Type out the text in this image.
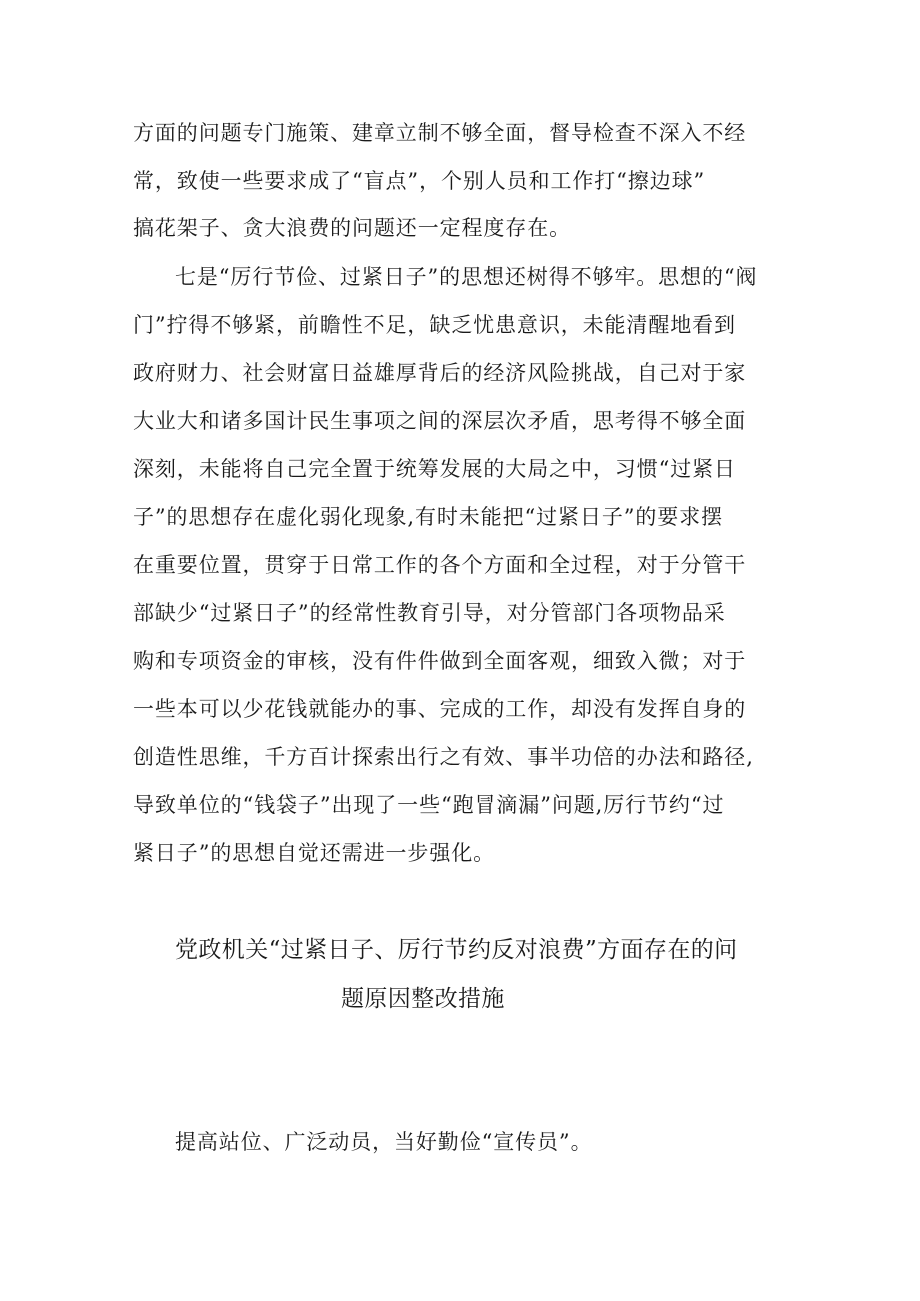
方面的问题专门施策、建章立制不够全面，督导检查不深入不经
常，致使一些要求成了“盲点”，个别人员和工作打“擦边球”
搞花架子、贪大浪费的问题还一定程度存在。
七是“厉行节俭、过紧日子”的思想还树得不够牢。思想的“阀
门”拧得不够紧，前瞻性不足，缺乏忧患意识，未能清醒地看到
政府财力、社会财富日益雄厚背后的经济风险挑战，自己对于家
大业大和诸多国计民生事项之间的深层次矛盾，思考得不够全面
深刻，未能将自己完全置于统筹发展的大局之中，习惯“过紧日
子”的思想存在虚化弱化现象,有时未能把“过紧日子”的要求摆
在重要位置，贯穿于日常工作的各个方面和全过程，对于分管干
部缺少“过紧日子”的经常性教育引导，对分管部门各项物品采
购和专项资金的审核，没有件件做到全面客观，细致入微；对于
一些本可以少花钱就能办的事、完成的工作，却没有发挥自身的
创造性思维，千方百计探索出行之有效、事半功倍的办法和路径,
导致单位的“钱袋子”出现了一些“跑冒滴漏”问题,厉行节约“过
紧日子”的思想自觉还需进一步强化。
党政机关“过紧日子、厉行节约反对浪费”方面存在的问
题原因整改措施
提高站位、广泛动员，当好勤俭“宣传员”。
